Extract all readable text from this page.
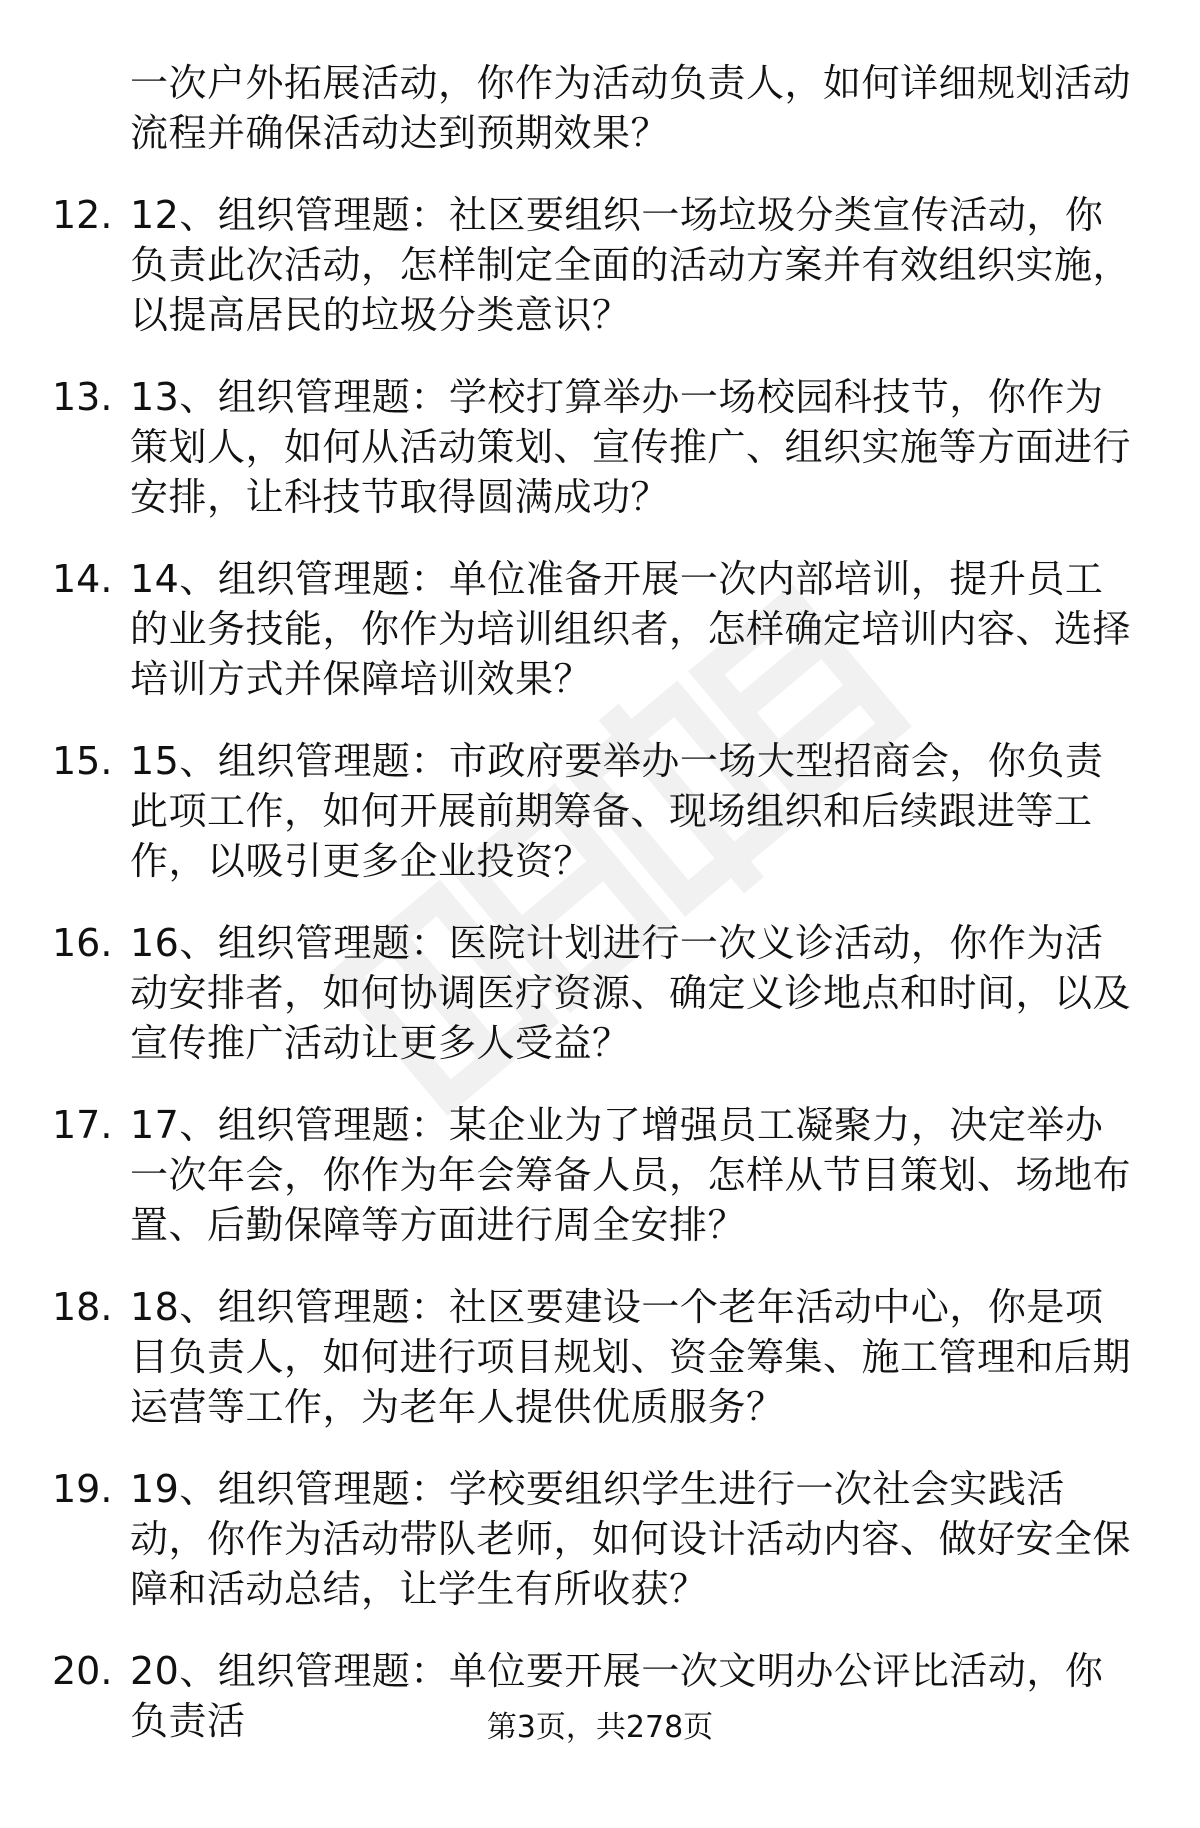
一次户外拓展活动，你作为活动负责人，如何详细规划活动流程并确保活动达到预期效果？
12. 12、组织管理题：社区要组织一场垃圾分类宣传活动，你负责此次活动，怎样制定全面的活动方案并有效组织实施，以提高居民的垃圾分类意识？
13. 13、组织管理题：学校打算举办一场校园科技节，你作为策划人，如何从活动策划、宣传推广、组织实施等方面进行安排，让科技节取得圆满成功？
14. 14、组织管理题：单位准备开展一次内部培训，提升员工的业务技能，你作为培训组织者，怎样确定培训内容、选择培训方式并保障培训效果？
15. 15、组织管理题：市政府要举办一场大型招商会，你负责此项工作，如何开展前期筹备、现场组织和后续跟进等工作，以吸引更多企业投资？
16. 16、组织管理题：医院计划进行一次义诊活动，你作为活动安排者，如何协调医疗资源、确定义诊地点和时间，以及宣传推广活动让更多人受益？
17. 17、组织管理题：某企业为了增强员工凝聚力，决定举办一次年会，你作为年会筹备人员，怎样从节目策划、场地布置、后勤保障等方面进行周全安排？
18. 18、组织管理题：社区要建设一个老年活动中心，你是项目负责人，如何进行项目规划、资金筹集、施工管理和后期运营等工作，为老年人提供优质服务？
19. 19、组织管理题：学校要组织学生进行一次社会实践活动，你作为活动带队老师，如何设计活动内容、做好安全保障和活动总结，让学生有所收获？
20. 20、组织管理题：单位要开展一次文明办公评比活动，你负责活	第3页，共278页
